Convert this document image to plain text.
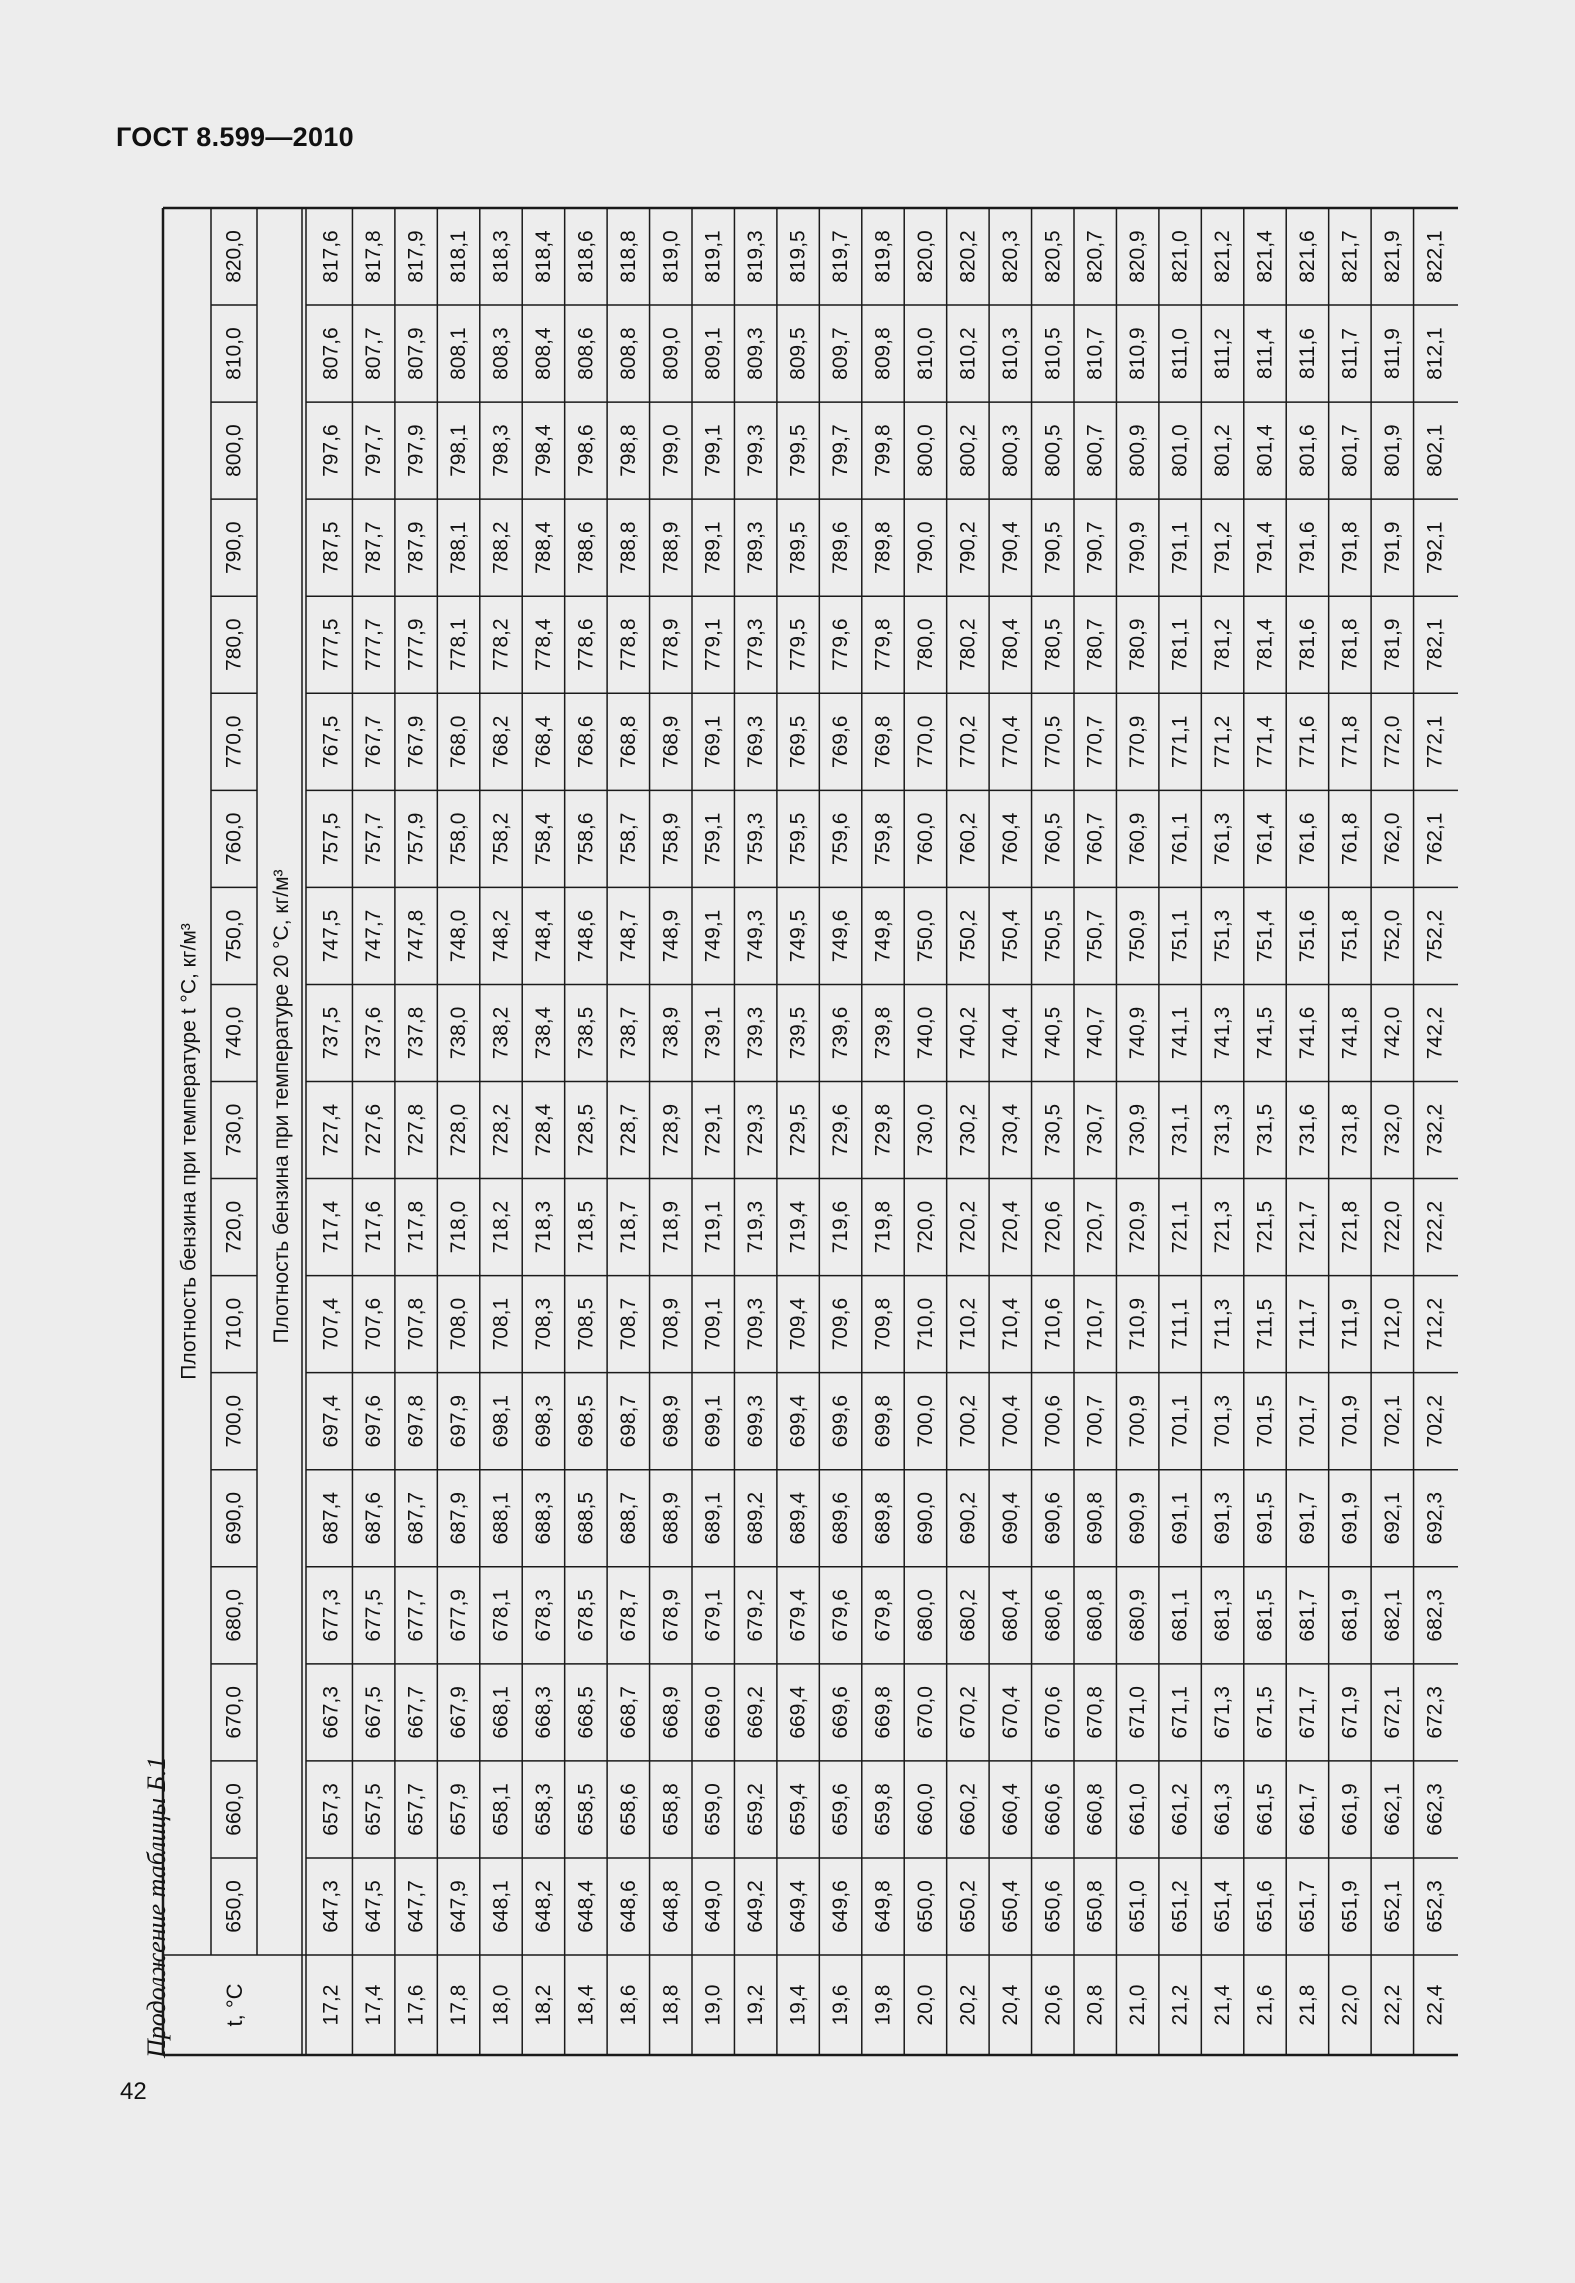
ГОСТ 8.599—2010
Продолжение таблицы Б.1
42
t, °C
Плотность бензина при температуре t °C, кг/м³	Плотность бензина при температуре 20 °C, кг/м³
650,0
660,0
670,0
680,0
690,0
700,0
710,0
720,0
730,0
740,0
750,0
760,0
770,0
780,0
790,0
800,0
810,0
820,0
17,2
647,3
657,3
667,3
677,3
687,4
697,4
707,4
717,4
727,4
737,5
747,5
757,5
767,5
777,5
787,5
797,6
807,6
817,6
17,4
647,5
657,5
667,5
677,5
687,6
697,6
707,6
717,6
727,6
737,6
747,7
757,7
767,7
777,7
787,7
797,7
807,7
817,8
17,6
647,7
657,7
667,7
677,7
687,7
697,8
707,8
717,8
727,8
737,8
747,8
757,9
767,9
777,9
787,9
797,9
807,9
817,9
17,8
647,9
657,9
667,9
677,9
687,9
697,9
708,0
718,0
728,0
738,0
748,0
758,0
768,0
778,1
788,1
798,1
808,1
818,1
18,0
648,1
658,1
668,1
678,1
688,1
698,1
708,1
718,2
728,2
738,2
748,2
758,2
768,2
778,2
788,2
798,3
808,3
818,3
18,2
648,2
658,3
668,3
678,3
688,3
698,3
708,3
718,3
728,4
738,4
748,4
758,4
768,4
778,4
788,4
798,4
808,4
818,4
18,4
648,4
658,5
668,5
678,5
688,5
698,5
708,5
718,5
728,5
738,5
748,6
758,6
768,6
778,6
788,6
798,6
808,6
818,6
18,6
648,6
658,6
668,7
678,7
688,7
698,7
708,7
718,7
728,7
738,7
748,7
758,7
768,8
778,8
788,8
798,8
808,8
818,8
18,8
648,8
658,8
668,9
678,9
688,9
698,9
708,9
718,9
728,9
738,9
748,9
758,9
768,9
778,9
788,9
799,0
809,0
819,0
19,0
649,0
659,0
669,0
679,1
689,1
699,1
709,1
719,1
729,1
739,1
749,1
759,1
769,1
779,1
789,1
799,1
809,1
819,1
19,2
649,2
659,2
669,2
679,2
689,2
699,3
709,3
719,3
729,3
739,3
749,3
759,3
769,3
779,3
789,3
799,3
809,3
819,3
19,4
649,4
659,4
669,4
679,4
689,4
699,4
709,4
719,4
729,5
739,5
749,5
759,5
769,5
779,5
789,5
799,5
809,5
819,5
19,6
649,6
659,6
669,6
679,6
689,6
699,6
709,6
719,6
729,6
739,6
749,6
759,6
769,6
779,6
789,6
799,7
809,7
819,7
19,8
649,8
659,8
669,8
679,8
689,8
699,8
709,8
719,8
729,8
739,8
749,8
759,8
769,8
779,8
789,8
799,8
809,8
819,8
20,0
650,0
660,0
670,0
680,0
690,0
700,0
710,0
720,0
730,0
740,0
750,0
760,0
770,0
780,0
790,0
800,0
810,0
820,0
20,2
650,2
660,2
670,2
680,2
690,2
700,2
710,2
720,2
730,2
740,2
750,2
760,2
770,2
780,2
790,2
800,2
810,2
820,2
20,4
650,4
660,4
670,4
680,4
690,4
700,4
710,4
720,4
730,4
740,4
750,4
760,4
770,4
780,4
790,4
800,3
810,3
820,3
20,6
650,6
660,6
670,6
680,6
690,6
700,6
710,6
720,6
730,5
740,5
750,5
760,5
770,5
780,5
790,5
800,5
810,5
820,5
20,8
650,8
660,8
670,8
680,8
690,8
700,7
710,7
720,7
730,7
740,7
750,7
760,7
770,7
780,7
790,7
800,7
810,7
820,7
21,0
651,0
661,0
671,0
680,9
690,9
700,9
710,9
720,9
730,9
740,9
750,9
760,9
770,9
780,9
790,9
800,9
810,9
820,9
21,2
651,2
661,2
671,1
681,1
691,1
701,1
711,1
721,1
731,1
741,1
751,1
761,1
771,1
781,1
791,1
801,0
811,0
821,0
21,4
651,4
661,3
671,3
681,3
691,3
701,3
711,3
721,3
731,3
741,3
751,3
761,3
771,2
781,2
791,2
801,2
811,2
821,2
21,6
651,6
661,5
671,5
681,5
691,5
701,5
711,5
721,5
731,5
741,5
751,4
761,4
771,4
781,4
791,4
801,4
811,4
821,4
21,8
651,7
661,7
671,7
681,7
691,7
701,7
711,7
721,7
731,6
741,6
751,6
761,6
771,6
781,6
791,6
801,6
811,6
821,6
22,0
651,9
661,9
671,9
681,9
691,9
701,9
711,9
721,8
731,8
741,8
751,8
761,8
771,8
781,8
791,8
801,7
811,7
821,7
22,2
652,1
662,1
672,1
682,1
692,1
702,1
712,0
722,0
732,0
742,0
752,0
762,0
772,0
781,9
791,9
801,9
811,9
821,9
22,4
652,3
662,3
672,3
682,3
692,3
702,2
712,2
722,2
732,2
742,2
752,2
762,1
772,1
782,1
792,1
802,1
812,1
822,1
